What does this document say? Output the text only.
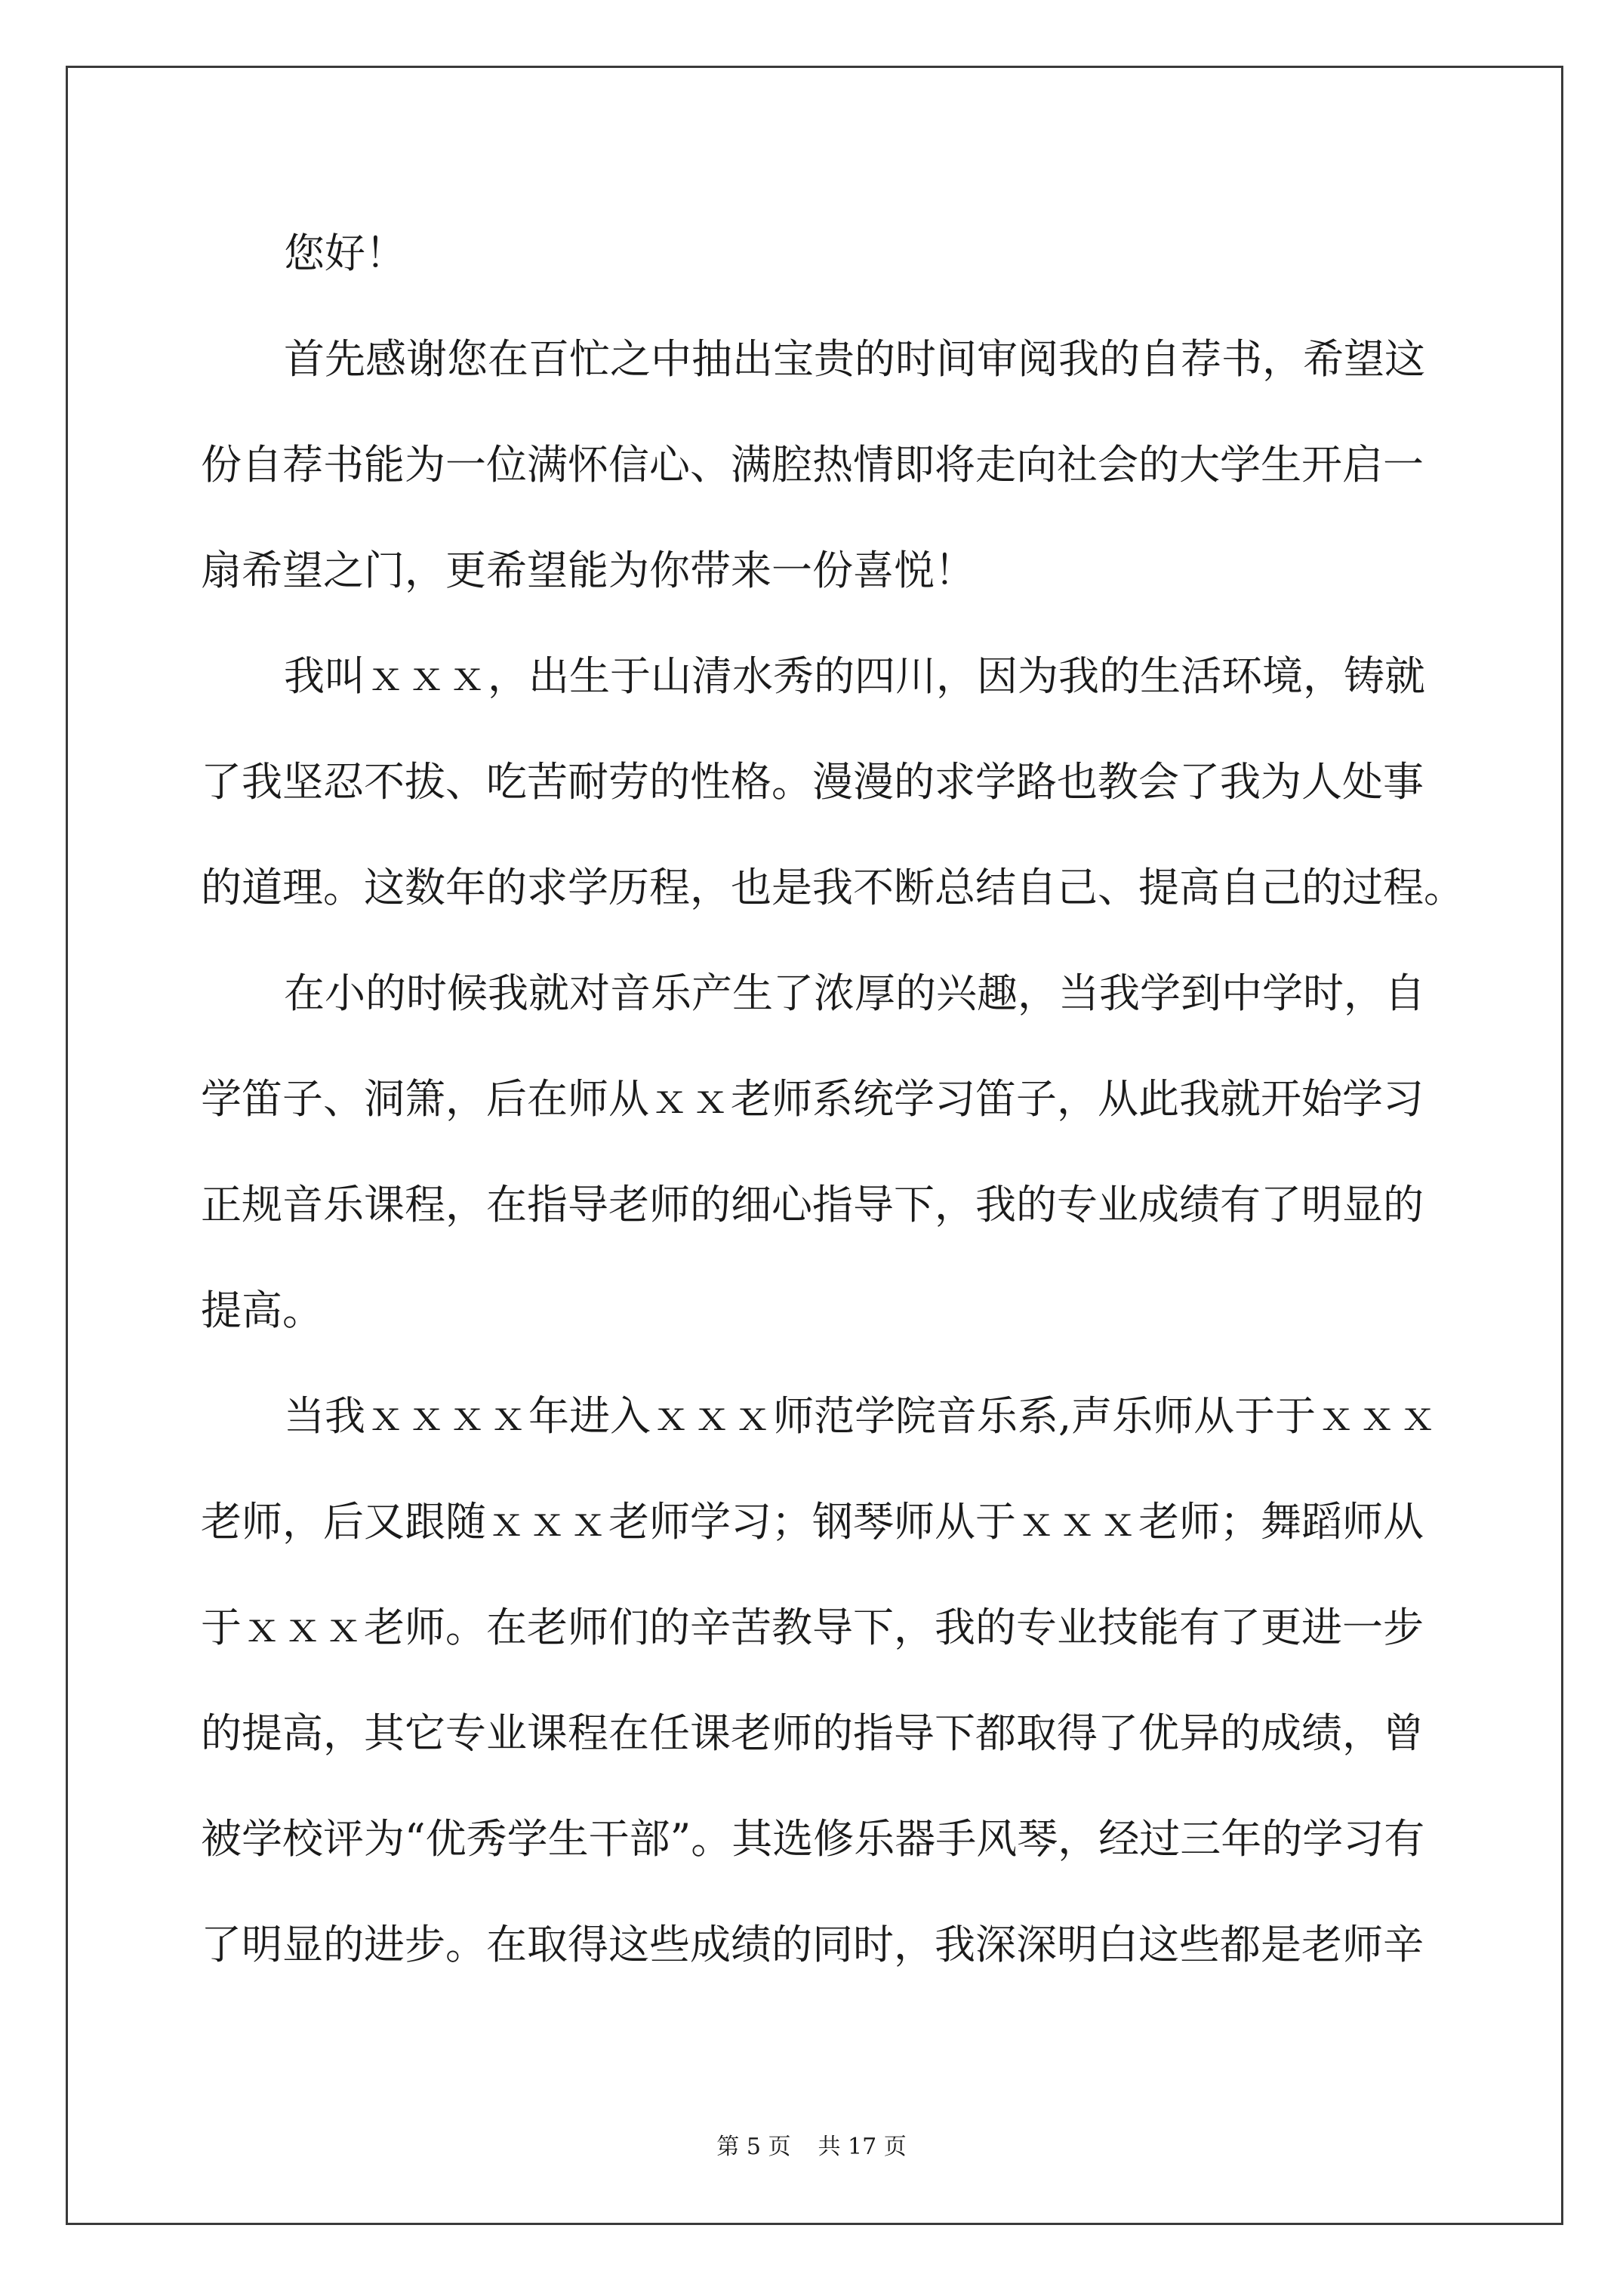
您好！
首先感谢您在百忙之中抽出宝贵的时间审阅我的自荐书，希望这
份自荐书能为一位满怀信心、满腔热情即将走向社会的大学生开启一
扇希望之门，更希望能为你带来一份喜悦！
我叫ｘｘｘ，出生于山清水秀的四川，因为我的生活环境，铸就
了我坚忍不拔、吃苦耐劳的性格。漫漫的求学路也教会了我为人处事
的道理。这数年的求学历程，也是我不断总结自己、提高自己的过程。
在小的时候我就对音乐产生了浓厚的兴趣，当我学到中学时，自
学笛子、洞箫，后在师从ｘｘ老师系统学习笛子，从此我就开始学习
正规音乐课程，在指导老师的细心指导下，我的专业成绩有了明显的
提高。
当我ｘｘｘｘ年进入ｘｘｘ师范学院音乐系,声乐师从于于ｘｘｘ
老师，后又跟随ｘｘｘ老师学习；钢琴师从于ｘｘｘ老师；舞蹈师从
于ｘｘｘ老师。在老师们的辛苦教导下，我的专业技能有了更进一步
的提高，其它专业课程在任课老师的指导下都取得了优异的成绩，曾
被学校评为“优秀学生干部”。其选修乐器手风琴，经过三年的学习有
了明显的进步。在取得这些成绩的同时，我深深明白这些都是老师辛
第 5 页 共 17 页
